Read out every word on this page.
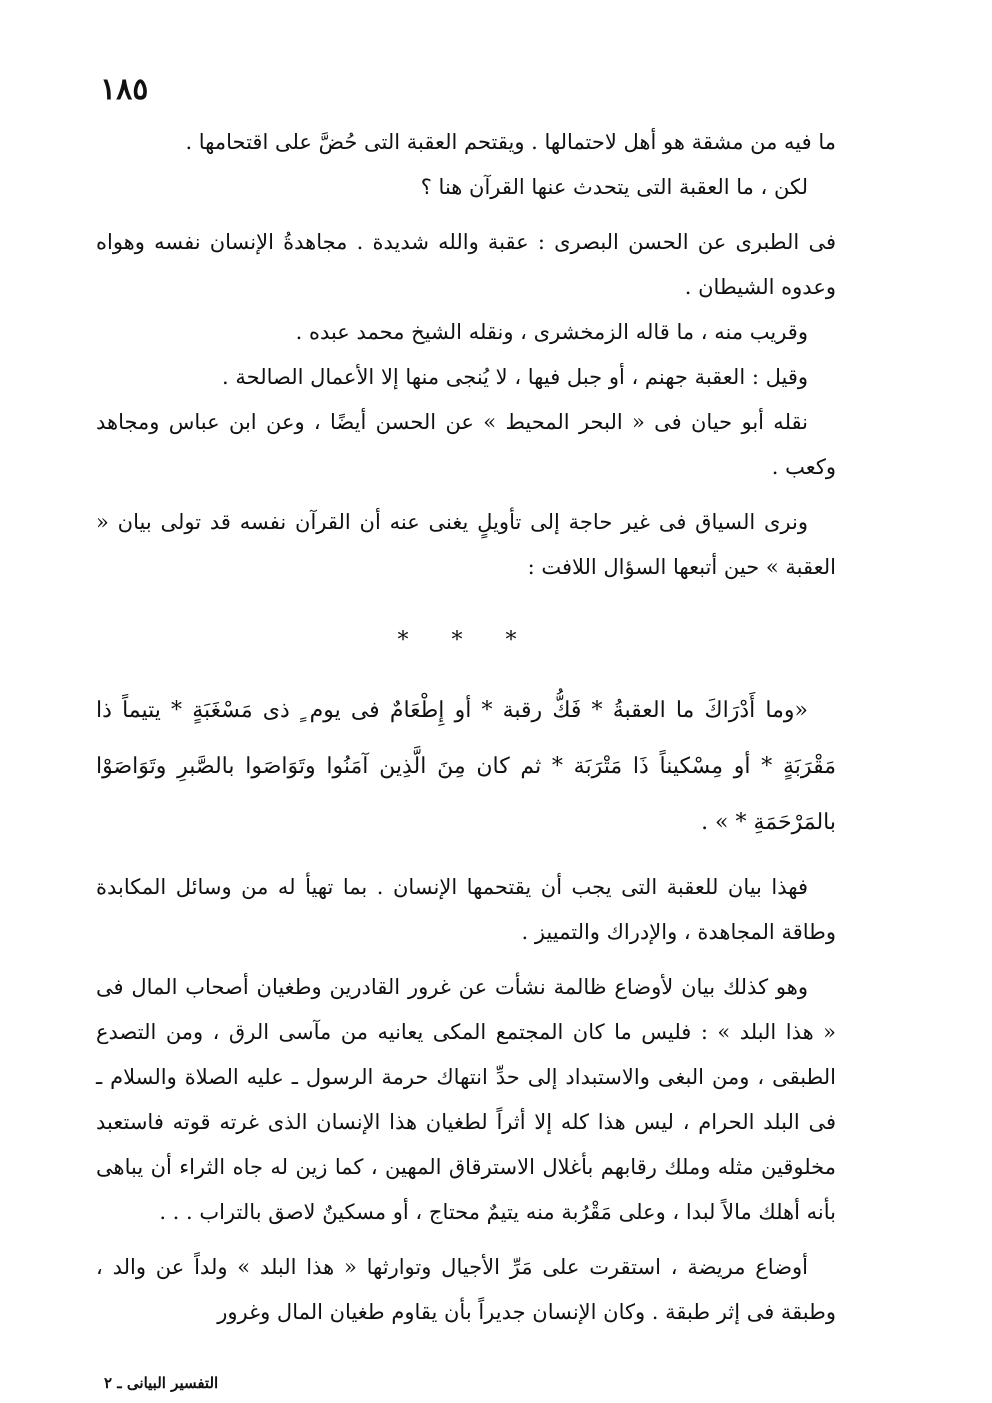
١٨٥

ما فيه من مشقة هو أهل لاحتمالها . ويقتحم العقبة التى حُضَّ على اقتحامها .

لكن ، ما العقبة التى يتحدث عنها القرآن هنا ؟

فى الطبرى عن الحسن البصرى : عقبة والله شديدة . مجاهدةُ الإنسان نفسه وهواه وعدوه الشيطان .

وقريب منه ، ما قاله الزمخشرى ، ونقله الشيخ محمد عبده .

وقيل : العقبة جهنم ، أو جبل فيها ، لا يُنجى منها إلا الأعمال الصالحة .

نقله أبو حيان فى « البحر المحيط » عن الحسن أيضًا ، وعن ابن عباس ومجاهد وكعب .

ونرى السياق فى غير حاجة إلى تأويلٍ يغنى عنه أن القرآن نفسه قد تولى بيان « العقبة » حين أتبعها السؤال اللافت :

* * *

«وما أَدْرَاكَ ما العقبةُ * فَكُّ رقبة * أو إِطْعَامٌ فى يوم ٍ ذى مَسْغَبَةٍ * يتيماً ذا مَقْرَبَةٍ * أو مِسْكيناً ذَا مَتْرَبَة * ثم كان مِنَ الَّذِين آمَنُوا وتَوَاصَوا بالصَّبرِ وتَوَاصَوْا بالمَرْحَمَةِ * » .

فهذا بيان للعقبة التى يجب أن يقتحمها الإنسان . بما تهيأ له من وسائل المكابدة وطاقة المجاهدة ، والإدراك والتمييز .

وهو كذلك بيان لأوضاع ظالمة نشأت عن غرور القادرين وطغيان أصحاب المال فى « هذا البلد » : فليس ما كان المجتمع المكى يعانيه من مآسى الرق ، ومن التصدع الطبقى ، ومن البغى والاستبداد إلى حدِّ انتهاك حرمة الرسول ـ عليه الصلاة والسلام ـ فى البلد الحرام ، ليس هذا كله إلا أثراً لطغيان هذا الإنسان الذى غرته قوته فاستعبد مخلوقين مثله وملك رقابهم بأغلال الاسترقاق المهين ، كما زين له جاه الثراء أن يباهى بأنه أهلك مالاً لبدا ، وعلى مَقْرُبة منه يتيمٌ محتاج ، أو مسكينٌ لاصق بالتراب . . .

أوضاع مريضة ، استقرت على مَرِّ الأجيال وتوارثها « هذا البلد » ولداً عن والد ، وطبقة فى إثر طبقة . وكان الإنسان جديراً بأن يقاوم طغيان المال وغرور

التفسير البيانى ـ ٢
